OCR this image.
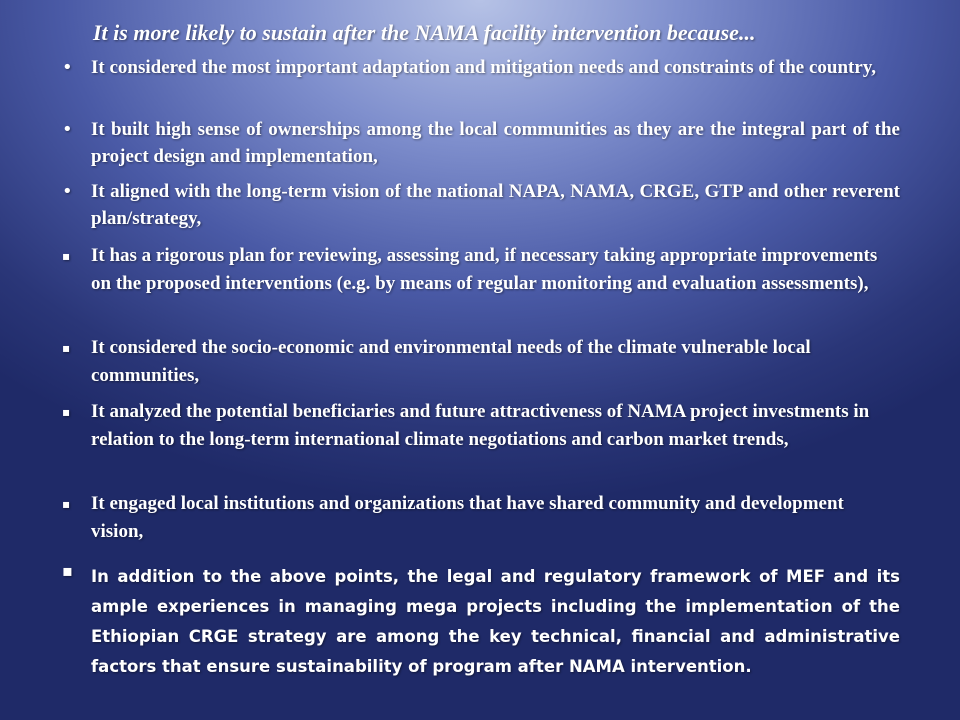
It is more likely to sustain after the NAMA facility intervention because...
• It considered the most important adaptation and mitigation needs and constraints of the country,
• It built high sense of ownerships among the local communities as they are the integral part of the project design and implementation,
• It aligned with the long-term vision of the national NAPA, NAMA, CRGE, GTP and other reverent plan/strategy,
▪	It has a rigorous plan for reviewing, assessing and, if necessary taking appropriate improvements on the proposed interventions (e.g. by means of regular monitoring and evaluation assessments),
▪	It considered the socio-economic and environmental needs of the climate vulnerable local communities,
▪	It analyzed the potential beneficiaries and future attractiveness of NAMA project investments in relation to the long-term international climate negotiations and carbon market trends,
▪	It engaged local institutions and organizations that have shared community and development vision,
▪	In addition to the above points, the legal and regulatory framework of MEF and its ample experiences in managing mega projects including the implementation of the Ethiopian CRGE strategy are among the key technical, financial and administrative factors that ensure sustainability of program after NAMA intervention.
